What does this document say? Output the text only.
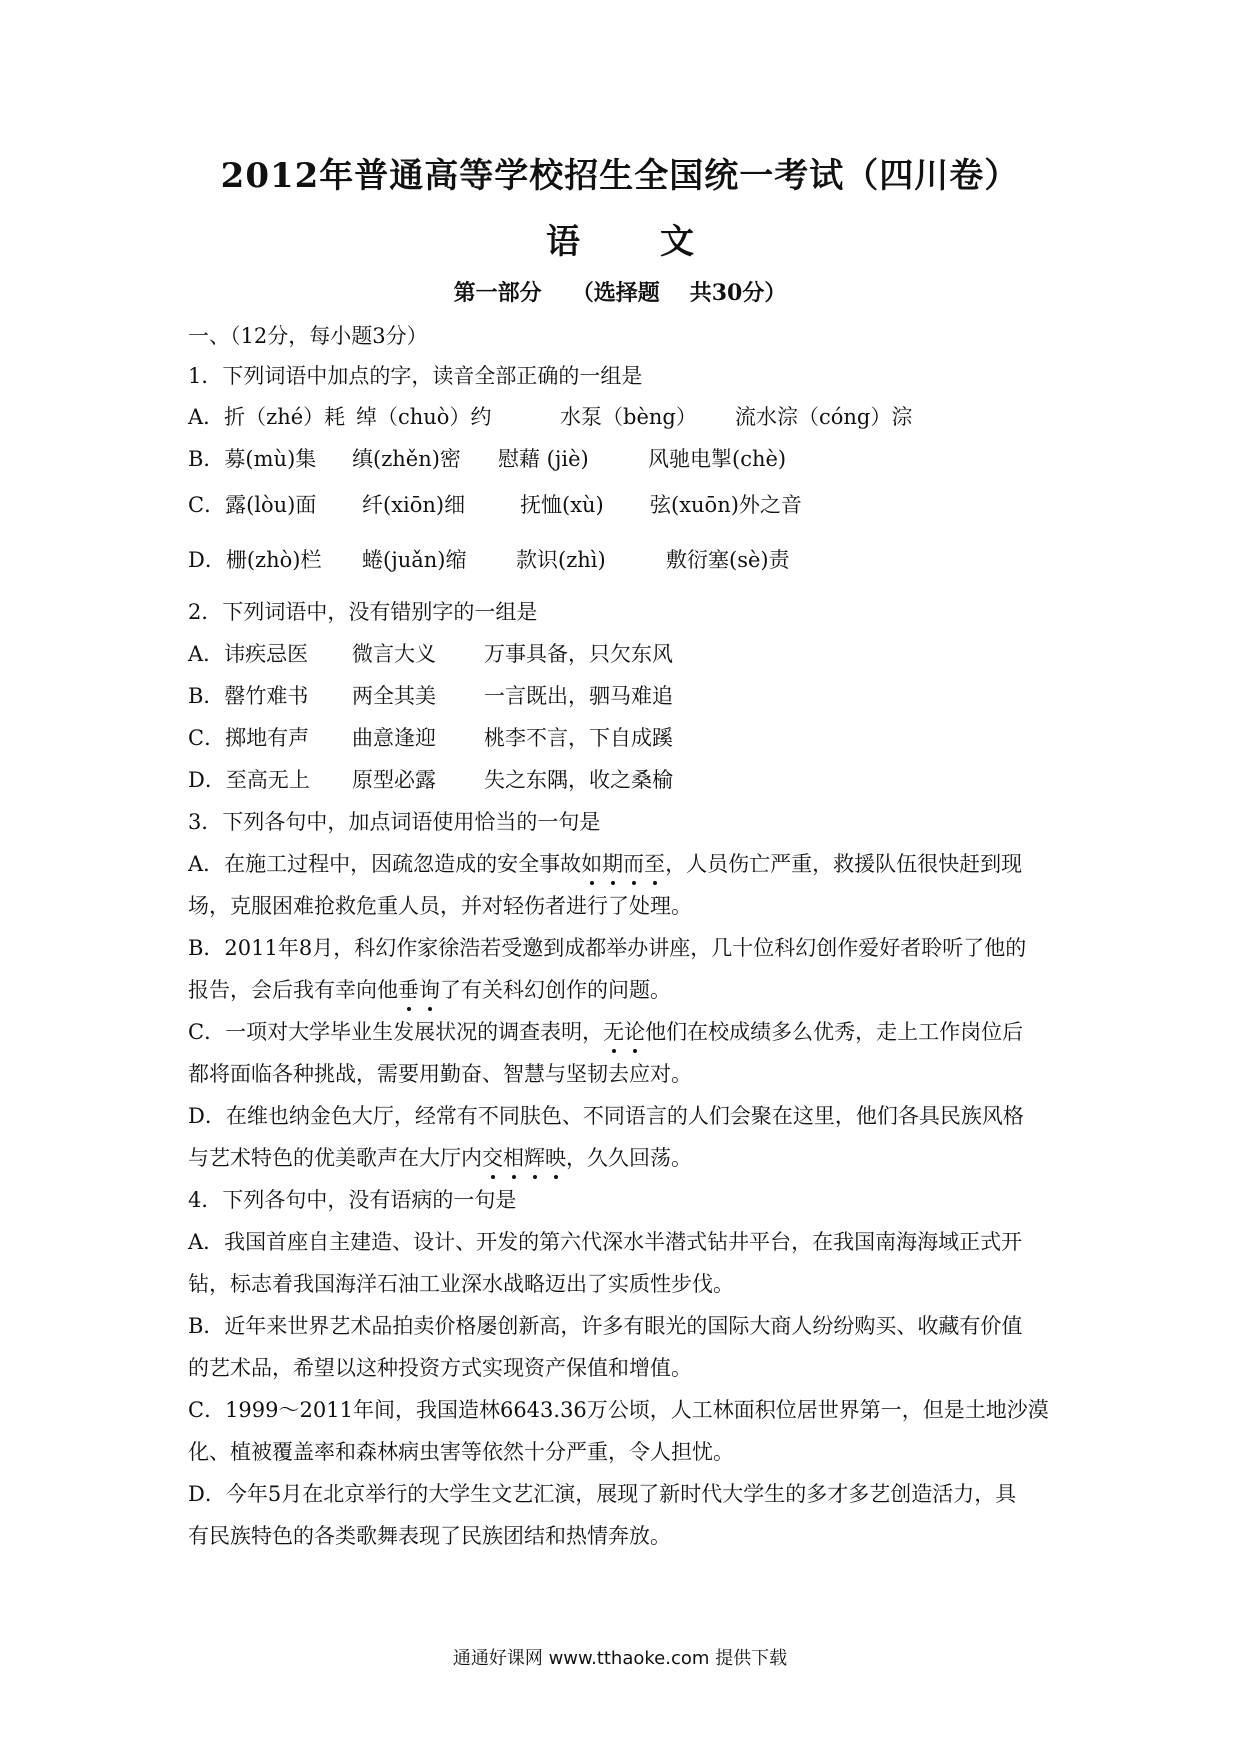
2012年普通高等学校招生全国统一考试（四川卷）
语 文
第一部分 （选择题 共30分）
一、（12分，每小题3分）
1．下列词语中加点的字，读音全部正确的一组是
A．折（zhé）耗 绰（chuò）约	水泵（bèng） 流水淙（cóng）淙
B．募(mù)集 缜(zhěn)密 慰藉 (jiè)	风驰电掣(chè)
C．露(lòu)面 纤(xiōn)细	抚恤(xù) 弦(xuōn)外之音
D．栅(zhò)栏 蜷(juǎn)缩 款识(zhì)	敷衍塞(sè)责
2．下列词语中，没有错别字的一组是
A．讳疾忌医 微言大义 万事具备，只欠东风
B．罄竹难书 两全其美 一言既出，驷马难追
C．掷地有声 曲意逢迎 桃李不言，下自成蹊
D．至高无上 原型必露 失之东隅，收之桑榆
3．下列各句中，加点词语使用恰当的一句是
A．在施工过程中，因疏忽造成的安全事故如期而至，人员伤亡严重，救援队伍很快赶到现
场，克服困难抢救危重人员，并对轻伤者进行了处理。
B．2011年8月，科幻作家徐浩若受邀到成都举办讲座，几十位科幻创作爱好者聆听了他的
报告，会后我有幸向他垂询了有关科幻创作的问题。
C．一项对大学毕业生发展状况的调查表明，无论他们在校成绩多么优秀，走上工作岗位后
都将面临各种挑战，需要用勤奋、智慧与坚韧去应对。
D．在维也纳金色大厅，经常有不同肤色、不同语言的人们会聚在这里，他们各具民族风格
与艺术特色的优美歌声在大厅内交相辉映，久久回荡。
4．下列各句中，没有语病的一句是
A．我国首座自主建造、设计、开发的第六代深水半潜式钻井平台，在我国南海海域正式开
钻，标志着我国海洋石油工业深水战略迈出了实质性步伐。
B．近年来世界艺术品拍卖价格屡创新高，许多有眼光的国际大商人纷纷购买、收藏有价值
的艺术品，希望以这种投资方式实现资产保值和增值。
C．1999～2011年间，我国造林6643.36万公顷，人工林面积位居世界第一，但是土地沙漠
化、植被覆盖率和森林病虫害等依然十分严重，令人担忧。
D．今年5月在北京举行的大学生文艺汇演，展现了新时代大学生的多才多艺创造活力，具
有民族特色的各类歌舞表现了民族团结和热情奔放。
通通好课网 www.tthaoke.com 提供下载
